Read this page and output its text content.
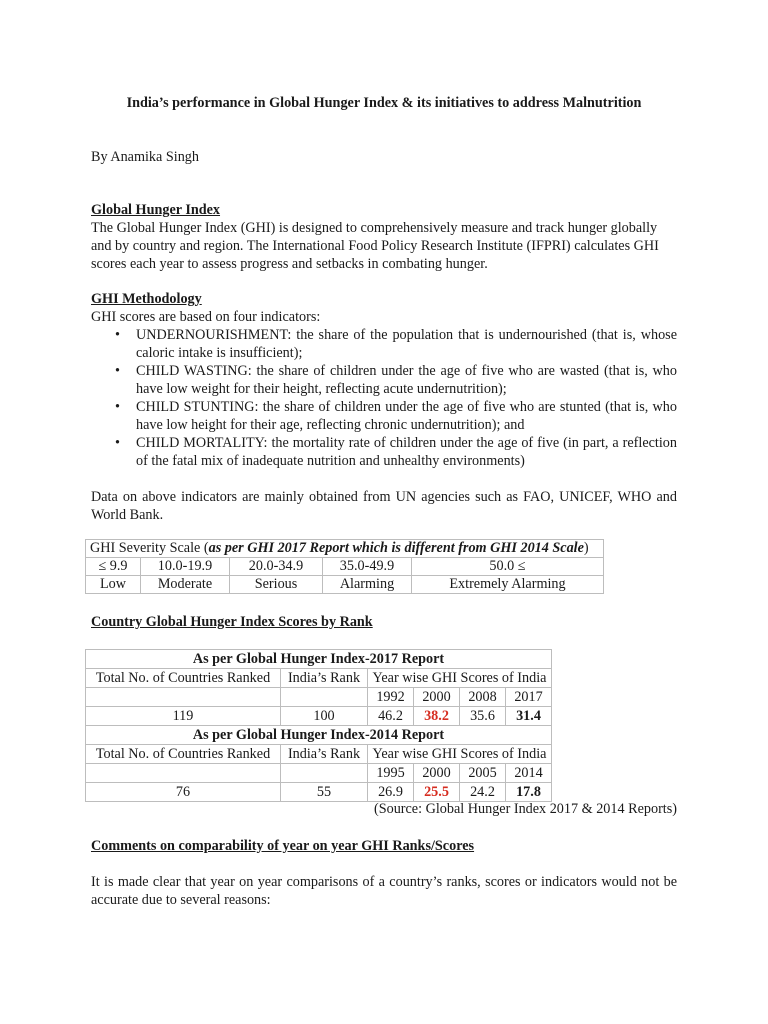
India’s performance in Global Hunger Index & its initiatives to address Malnutrition
By Anamika Singh
Global Hunger Index

The Global Hunger Index (GHI) is designed to comprehensively measure and track hunger globally and by country and region. The International Food Policy Research Institute (IFPRI) calculates GHI scores each year to assess progress and setbacks in combating hunger.

GHI Methodology
GHI scores are based on four indicators:
• UNDERNOURISHMENT: the share of the population that is undernourished (that is, whose caloric intake is insufficient);
• CHILD WASTING: the share of children under the age of five who are wasted (that is, who have low weight for their height, reflecting acute undernutrition);
• CHILD STUNTING: the share of children under the age of five who are stunted (that is, who have low height for their age, reflecting chronic undernutrition); and
• CHILD MORTALITY: the mortality rate of children under the age of five (in part, a reflection of the fatal mix of inadequate nutrition and unhealthy environments)

Data on above indicators are mainly obtained from UN agencies such as FAO, UNICEF, WHO and World Bank.

GHI Severity Scale (as per GHI 2017 Report which is different from GHI 2014 Scale)				
≤ 9.9	10.0-19.9	20.0-34.9	35.0-49.9	50.0 ≤
Low	Moderate	Serious	Alarming	Extremely Alarming
Country Global Hunger Index Scores by Rank
As per Global Hunger Index-2017 Report					
Total No. of Countries Ranked	India’s Rank	Year wise GHI Scores of India			
		1992	2000	2008	2017
119	100	46.2	38.2	35.6	31.4
As per Global Hunger Index-2014 Report					
Total No. of Countries Ranked	India’s Rank	Year wise GHI Scores of India			
		1995	2000	2005	2014
76	55	26.9	25.5	24.2	17.8
(Source: Global Hunger Index 2017 & 2014 Reports)
Comments on comparability of year on year GHI Ranks/Scores

It is made clear that year on year comparisons of a country’s ranks, scores or indicators would not be accurate due to several reasons:
